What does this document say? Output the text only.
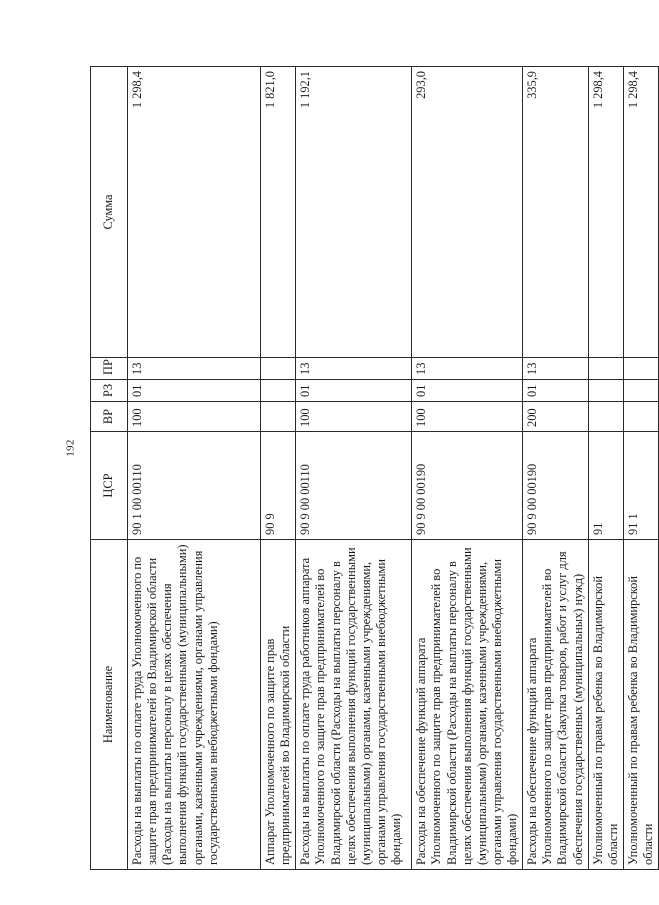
192
Наименование	ЦСР	ВР	РЗ	ПР	Сумма
Расходы на выплаты по оплате труда Уполномоченного по защите прав предпринимателей во Владимирской области (Расходы на выплаты персоналу в целях обеспечения выполнения функций государственными (муниципальными) органами, казенными учреждениями, органами управления государственными внебюджетными фондами)	90 1 00 00110	100	01	13	1 298,4
Аппарат Уполномоченного по защите прав предпринимателей во Владимирской области	90 9				1 821,0
Расходы на выплаты по оплате труда работников аппарата Уполномоченного по защите прав предпринимателей во Владимирской области (Расходы на выплаты персоналу в целях обеспечения выполнения функций государственными (муниципальными) органами, казенными учреждениями, органами управления государственными внебюджетными фондами)	90 9 00 00110	100	01	13	1 192,1
Расходы на обеспечение функций аппарата Уполномоченного по защите прав предпринимателей во Владимирской области (Расходы на выплаты персоналу в целях обеспечения выполнения функций государственными (муниципальными) органами, казенными учреждениями, органами управления государственными внебюджетными фондами)	90 9 00 00190	100	01	13	293,0
Расходы на обеспечение функций аппарата Уполномоченного по защите прав предпринимателей во Владимирской области (Закупка товаров, работ и услуг для обеспечения государственных (муниципальных) нужд)	90 9 00 00190	200	01	13	335,9
Уполномоченный по правам ребенка во Владимирской области	91				1 298,4
Уполномоченный по правам ребенка во Владимирской области	91 1				1 298,4
